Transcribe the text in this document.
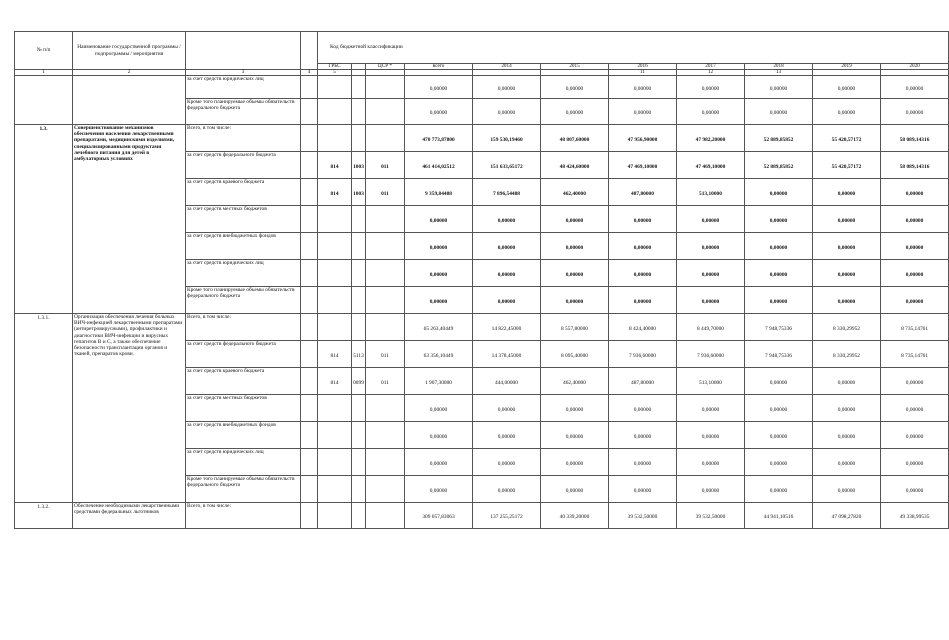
№ п/п	Наименование государственной программы / подпрограммы / мероприятия			Код бюджетной классификации										
				ГРБС		ЦСР *	всего	2014	2015	2016	2017	2018	2019	2020
1	2	3	4	5						11	12	13		
		за счет средств юридических лиц					0,00000	0,00000	0,00000	0,00000	0,00000	0,00000	0,00000	0,00000
		Кроме того планируемые объемы обязательств федерального бюджета					0,00000	0,00000	0,00000	0,00000	0,00000	0,00000	0,00000	0,00000
1.3.	Совершенствование механизмов обеспечения населения лекарственными препаратами, медицинскими изделиями, специализированными продуктами лечебного питания для детей в амбулаторных условиях	Всего, в том числе:					470 773,87800	159 530,19460	48 807,60000	47 956,90000	47 982,20000	52 889,85852	55 420,57172	58 089,14316
		за счет средств федерального бюджета		814	1003	011	461 414,02512	151 633,65172	48 424,60000	47 469,10000	47 469,10000	52 889,85852	55 420,57172	58 089,14316
		за счет средств краевого бюджета		814	1003	011	9 359,84488	7 896,54488	462,40000	487,80000	513,10000	0,00000	0,00000	0,00000
		за счет средств местных бюджетов					0,00000	0,00000	0,00000	0,00000	0,00000	0,00000	0,00000	0,00000
		за счет средств внебюджетных фондов					0,00000	0,00000	0,00000	0,00000	0,00000	0,00000	0,00000	0,00000
		за счет средств юридических лиц					0,00000	0,00000	0,00000	0,00000	0,00000	0,00000	0,00000	0,00000
		Кроме того планируемые объемы обязательств федерального бюджета					0,00000	0,00000	0,00000	0,00000	0,00000	0,00000	0,00000	0,00000
1.3.1.	Организация обеспечения лечения больных ВИЧ-инфекцией лекарственными препаратами (антиретровирусными), профилактики и диагностики ВИЧ-инфекции и вирусных гепатитов В и С, а также обеспечение безопасности трансплантации органов и тканей, препаратов крови.	Всего, в том числе:					65 263,40449	14 822,45000	8 557,80000	8 424,40000	8 449,70000	7 948,75336	8 330,29952	8 735,14761
		за счет средств федерального бюджета		814	5113	011	63 356,10449	14 378,45000	8 095,40000	7 936,60000	7 936,60000	7 948,75336	8 330,29952	8 735,14761
		за счет средств краевого бюджета		814	0099	011	1 907,30000	444,00000	462,40000	487,80000	513,10000	0,00000	0,00000	0,00000
		за счет средств местных бюджетов					0,00000	0,00000	0,00000	0,00000	0,00000	0,00000	0,00000	0,00000
		за счет средств внебюджетных фондов					0,00000	0,00000	0,00000	0,00000	0,00000	0,00000	0,00000	0,00000
		за счет средств юридических лиц					0,00000	0,00000	0,00000	0,00000	0,00000	0,00000	0,00000	0,00000
		Кроме того планируемые объемы обязательств федерального бюджета					0,00000	0,00000	0,00000	0,00000	0,00000	0,00000	0,00000	0,00000
1.3.2.	Обеспечение необходимыми лекарственными средствами федеральных льготников	Всего, в том числе:					309 057,83063	137 255,25172	40 339,20000	39 532,50000	39 532,50000	44 941,10516	47 098,27820	49 338,99535
